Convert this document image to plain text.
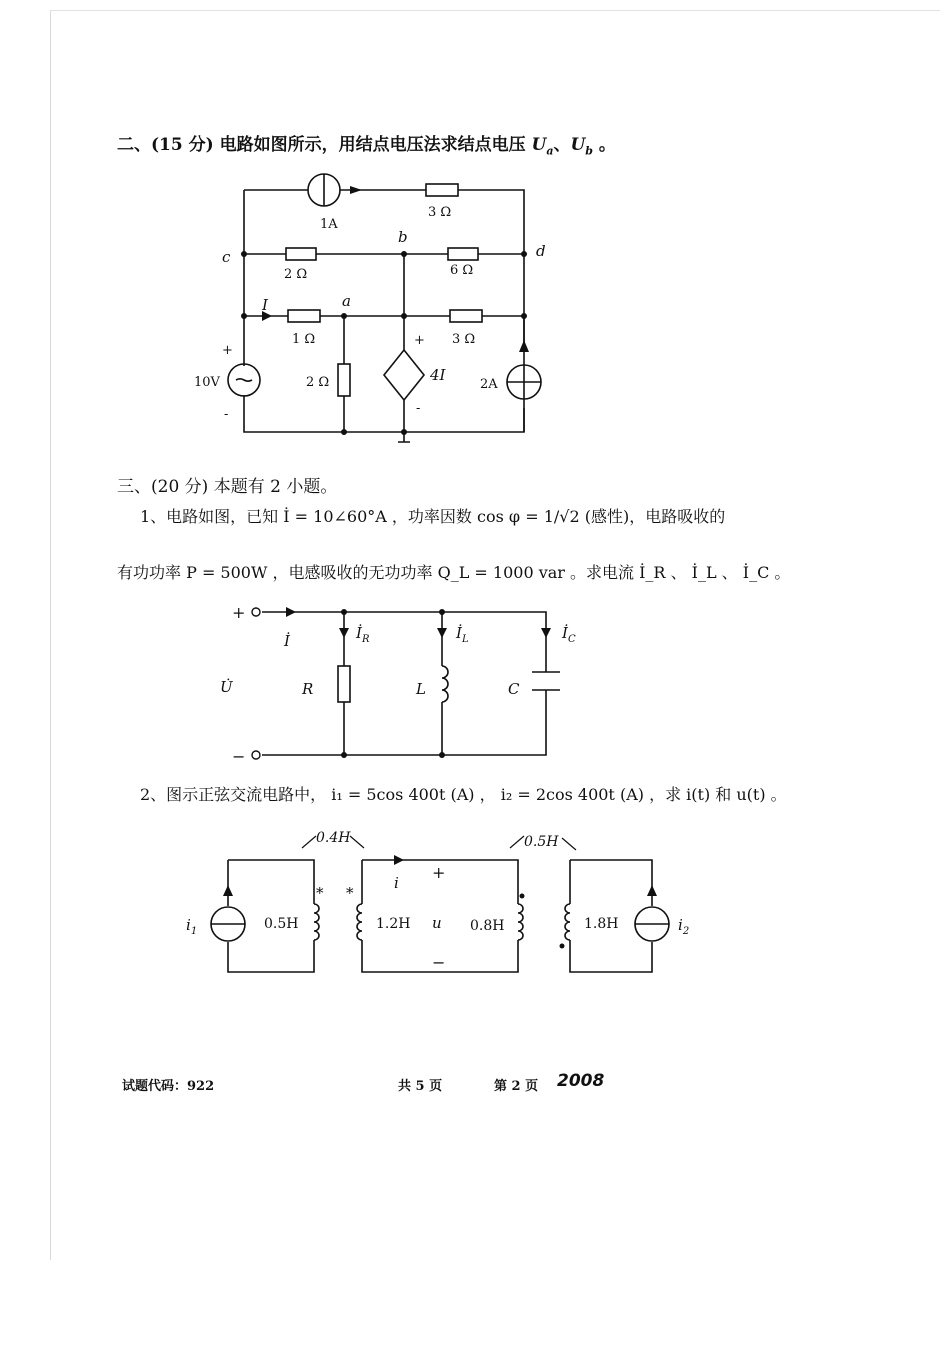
二、(15 分) 电路如图所示，用结点电压法求结点电压 $U_a$、$U_b$ 。
1A
3 Ω
c
b
d
a
2 Ω	6 Ω
I
1 Ω	3 Ω
+
10V
-
2 Ω
+
4I
-
2A
三、(20 分) 本题有 2 小题。
1、电路如图，已知 İ = 10∠60°A ，功率因数 cos φ = 1/√2 (感性)，电路吸收的
有功功率 P = 500W ，电感吸收的无功功率 Q_L = 1000 var 。求电流 İ_R 、 İ_L 、 İ_C 。
+
−
İ
U̇
$İ_R$	$İ_L$	$İ_C$
R	L	C
2、图示正弦交流电路中， i₁ = 5cos 400t (A) ， i₂ = 2cos 400t (A) ，求 i(t) 和 u(t) 。
0.4H	0.5H
* *
$i_1$	0.5H	1.2H u 0.8H	1.8H	$i_2$
i
+
−
试题代码：922	共 5 页	第 2 页 2008
